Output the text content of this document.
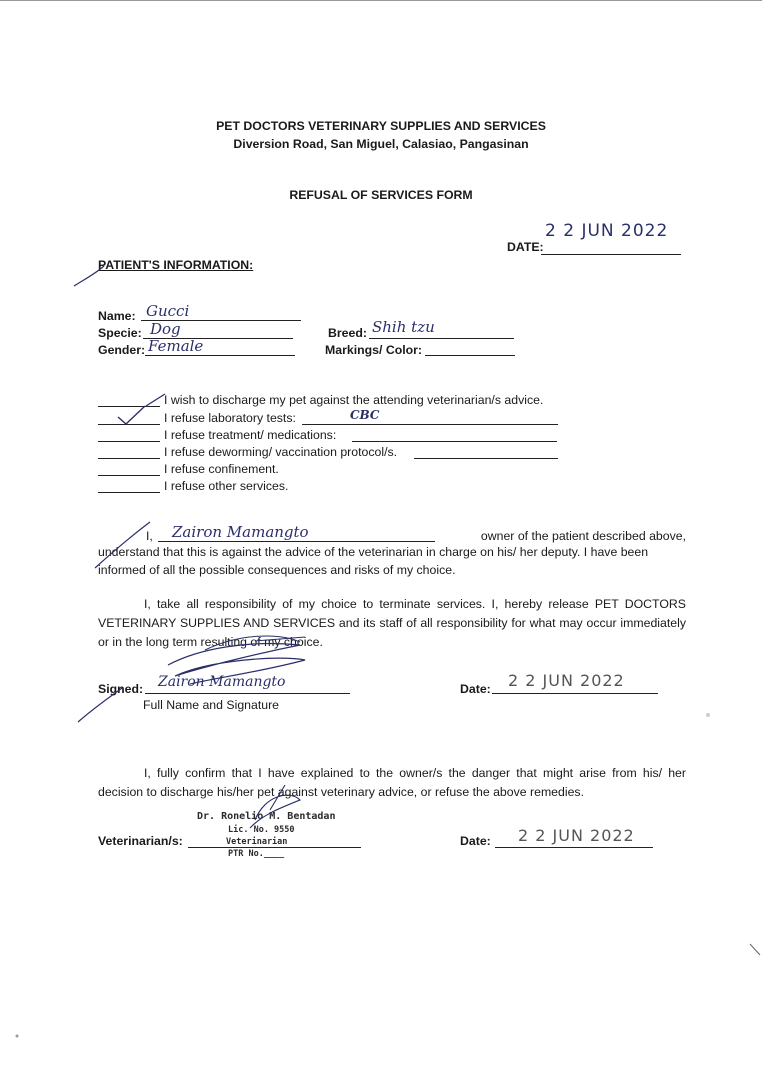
PET DOCTORS VETERINARY SUPPLIES AND SERVICES
Diversion Road, San Miguel, Calasiao, Pangasinan
REFUSAL OF SERVICES FORM
2 2 JUN 2022
DATE:
PATIENT'S INFORMATION:
Name: Gucci
Specie: Dog
Gender: Female
Breed: Shih tzu
Markings/ Color:
I wish to discharge my pet against the attending veterinarian/s advice.
I refuse laboratory tests:	CBC
I refuse treatment/ medications:
I refuse deworming/ vaccination protocol/s.
I refuse confinement.
I refuse other services.
I, Zairon Mamangto	owner of the patient described above,
understand that this is against the advice of the veterinarian in charge on his/ her deputy. I have been
informed of all the possible consequences and risks of my choice.

I, take all responsibility of my choice to terminate services. I, hereby release PET DOCTORS VETERINARY SUPPLIES AND SERVICES and its staff of all responsibility for what may occur immediately or in the long term resulting of my choice.

Signed: Zairon Mamangto
Full Name and Signature
Date: 2 2 JUN 2022

I, fully confirm that I have explained to the owner/s the danger that might arise from his/ her decision to discharge his/her pet against veterinary advice, or refuse the above remedies.

Veterinarian/s:
Dr. Ronelio M. Bentadan
Lic. No. 9550
Veterinarian
PTR No.____
Date: 2 2 JUN 2022
